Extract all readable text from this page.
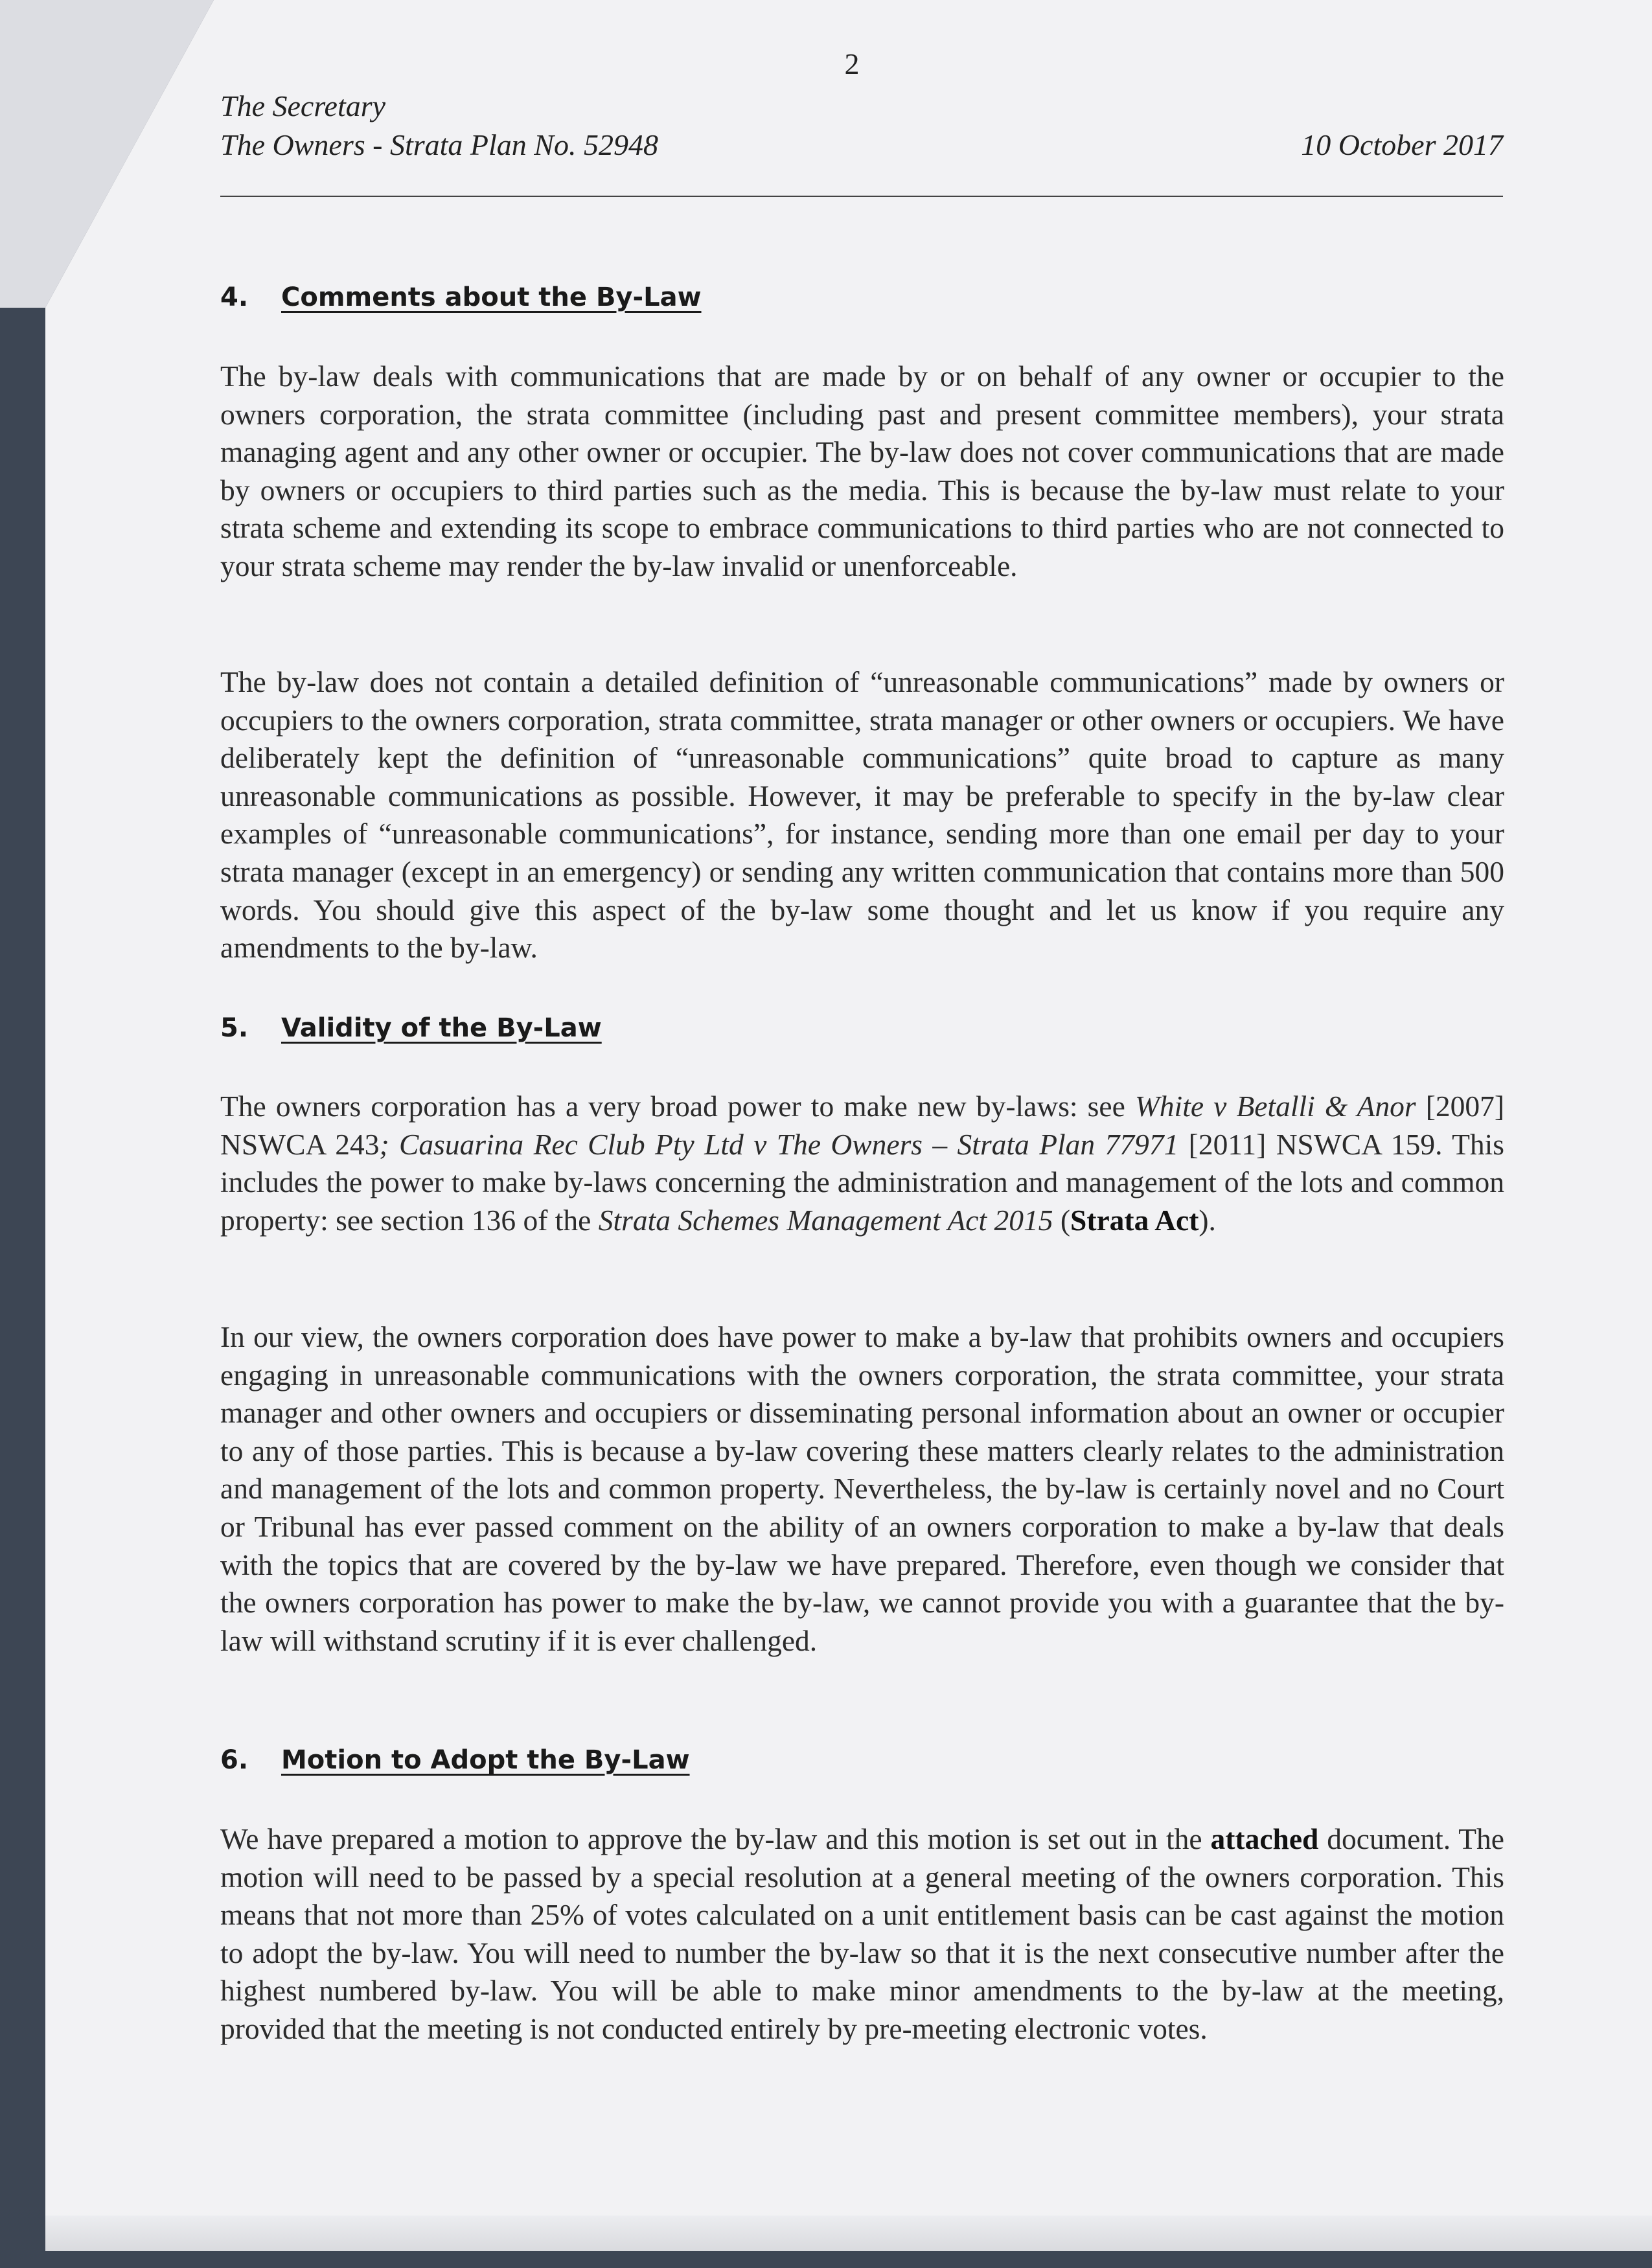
2
The Secretary
The Owners - Strata Plan No. 52948	10 October 2017
4. Comments about the By-Law
The by-law deals with communications that are made by or on behalf of any owner or occupier to the owners corporation, the strata committee (including past and present committee members), your strata managing agent and any other owner or occupier. The by-law does not cover communications that are made by owners or occupiers to third parties such as the media. This is because the by-law must relate to your strata scheme and extending its scope to embrace communications to third parties who are not connected to your strata scheme may render the by-law invalid or unenforceable.
The by-law does not contain a detailed definition of “unreasonable communications” made by owners or occupiers to the owners corporation, strata committee, strata manager or other owners or occupiers. We have deliberately kept the definition of “unreasonable communications” quite broad to capture as many unreasonable communications as possible. However, it may be preferable to specify in the by-law clear examples of “unreasonable communications”, for instance, sending more than one email per day to your strata manager (except in an emergency) or sending any written communication that contains more than 500 words. You should give this aspect of the by-law some thought and let us know if you require any amendments to the by-law.
5. Validity of the By-Law
The owners corporation has a very broad power to make new by-laws: see White v Betalli & Anor [2007] NSWCA 243; Casuarina Rec Club Pty Ltd v The Owners – Strata Plan 77971 [2011] NSWCA 159. This includes the power to make by-laws concerning the administration and management of the lots and common property: see section 136 of the Strata Schemes Management Act 2015 (Strata Act).
In our view, the owners corporation does have power to make a by-law that prohibits owners and occupiers engaging in unreasonable communications with the owners corporation, the strata committee, your strata manager and other owners and occupiers or disseminating personal information about an owner or occupier to any of those parties. This is because a by-law covering these matters clearly relates to the administration and management of the lots and common property. Nevertheless, the by-law is certainly novel and no Court or Tribunal has ever passed comment on the ability of an owners corporation to make a by-law that deals with the topics that are covered by the by-law we have prepared. Therefore, even though we consider that the owners corporation has power to make the by-law, we cannot provide you with a guarantee that the by-law will withstand scrutiny if it is ever challenged.
6. Motion to Adopt the By-Law
We have prepared a motion to approve the by-law and this motion is set out in the attached document. The motion will need to be passed by a special resolution at a general meeting of the owners corporation. This means that not more than 25% of votes calculated on a unit entitlement basis can be cast against the motion to adopt the by-law. You will need to number the by-law so that it is the next consecutive number after the highest numbered by-law. You will be able to make minor amendments to the by-law at the meeting, provided that the meeting is not conducted entirely by pre-meeting electronic votes.
